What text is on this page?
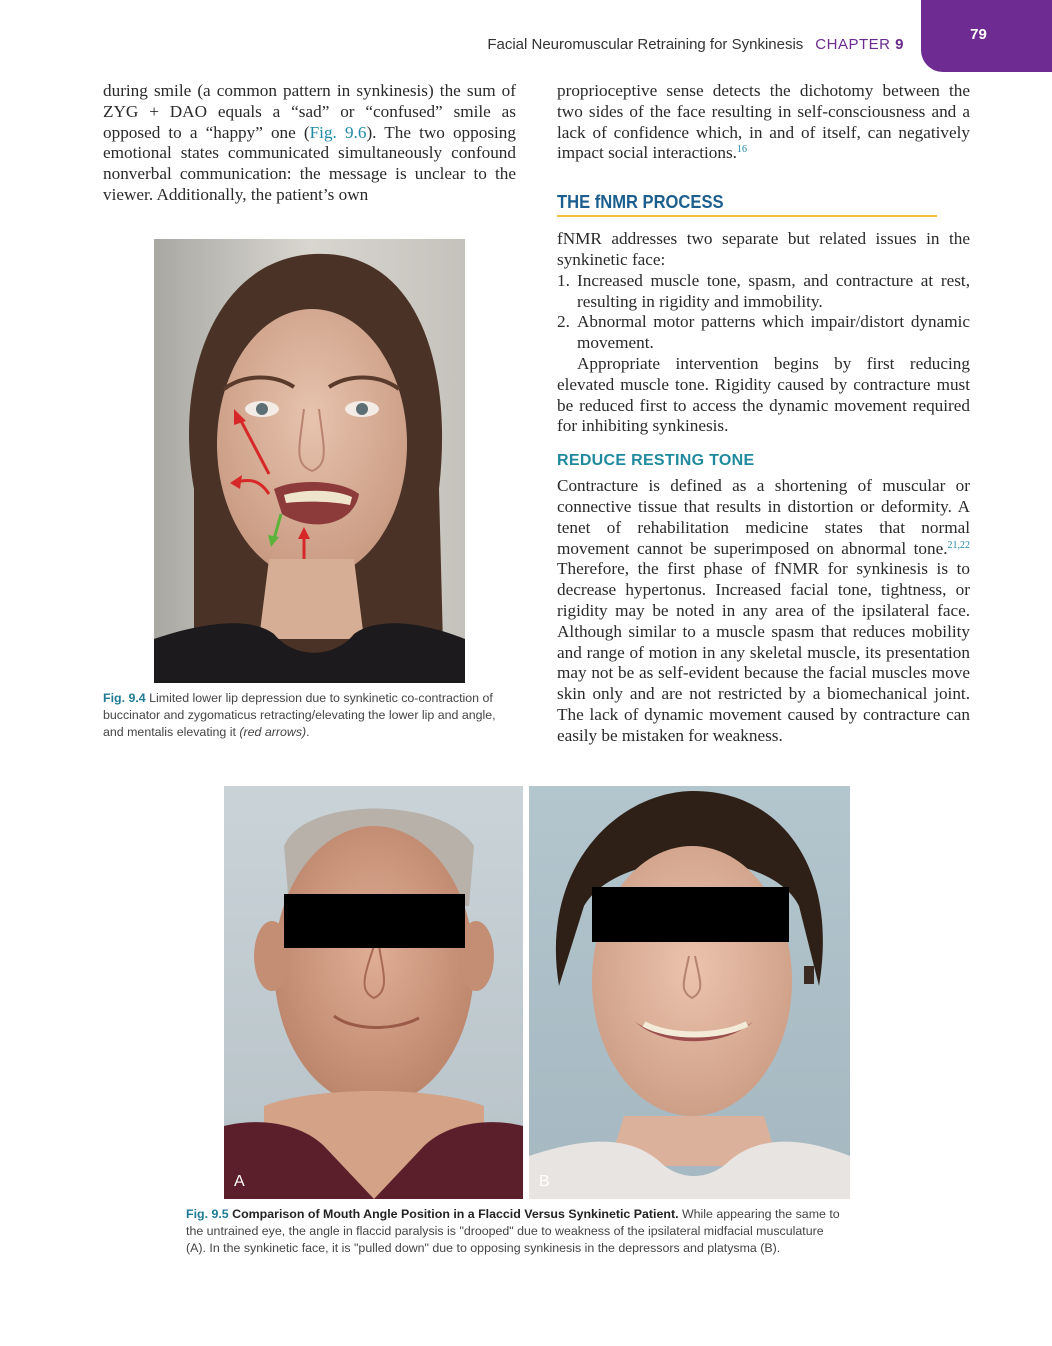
Facial Neuromuscular Retraining for Synkinesis CHAPTER 9
79

during smile (a common pattern in synkinesis) the sum of ZYG + DAO equals a “sad” or “confused” smile as opposed to a “happy” one (Fig. 9.6). The two opposing emotional states communicated simultaneously confound nonverbal communication: the message is unclear to the viewer. Additionally, the patient’s own

proprioceptive sense detects the dichotomy between the two sides of the face resulting in self-consciousness and a lack of confidence which, in and of itself, can negatively impact social interactions.$^{16}$

THE fNMR PROCESS

fNMR addresses two separate but related issues in the synkinetic face:

1. Increased muscle tone, spasm, and contracture at rest, resulting in rigidity and immobility.
2. Abnormal motor patterns which impair/distort dynamic movement.

Appropriate intervention begins by first reducing elevated muscle tone. Rigidity caused by contracture must be reduced first to access the dynamic movement required for inhibiting synkinesis.

REDUCE RESTING TONE

Contracture is defined as a shortening of muscular or connective tissue that results in distortion or deformity. A tenet of rehabilitation medicine states that normal movement cannot be superimposed on abnormal tone.$^{21,22}$ Therefore, the first phase of fNMR for synkinesis is to decrease hypertonus. Increased facial tone, tightness, or rigidity may be noted in any area of the ipsilateral face. Although similar to a muscle spasm that reduces mobility and range of motion in any skeletal muscle, its presentation may not be as self-evident because the facial muscles move skin only and are not restricted by a biomechanical joint. The lack of dynamic movement caused by contracture can easily be mistaken for weakness.

Fig. 9.4 Limited lower lip depression due to synkinetic co-contraction of buccinator and zygomaticus retracting/elevating the lower lip and angle, and mentalis elevating it (red arrows).
A	B
Fig. 9.5 Comparison of Mouth Angle Position in a Flaccid Versus Synkinetic Patient. While appearing the same to the untrained eye, the angle in flaccid paralysis is "drooped" due to weakness of the ipsilateral midfacial musculature (A). In the synkinetic face, it is "pulled down" due to opposing synkinesis in the depressors and platysma (B).
